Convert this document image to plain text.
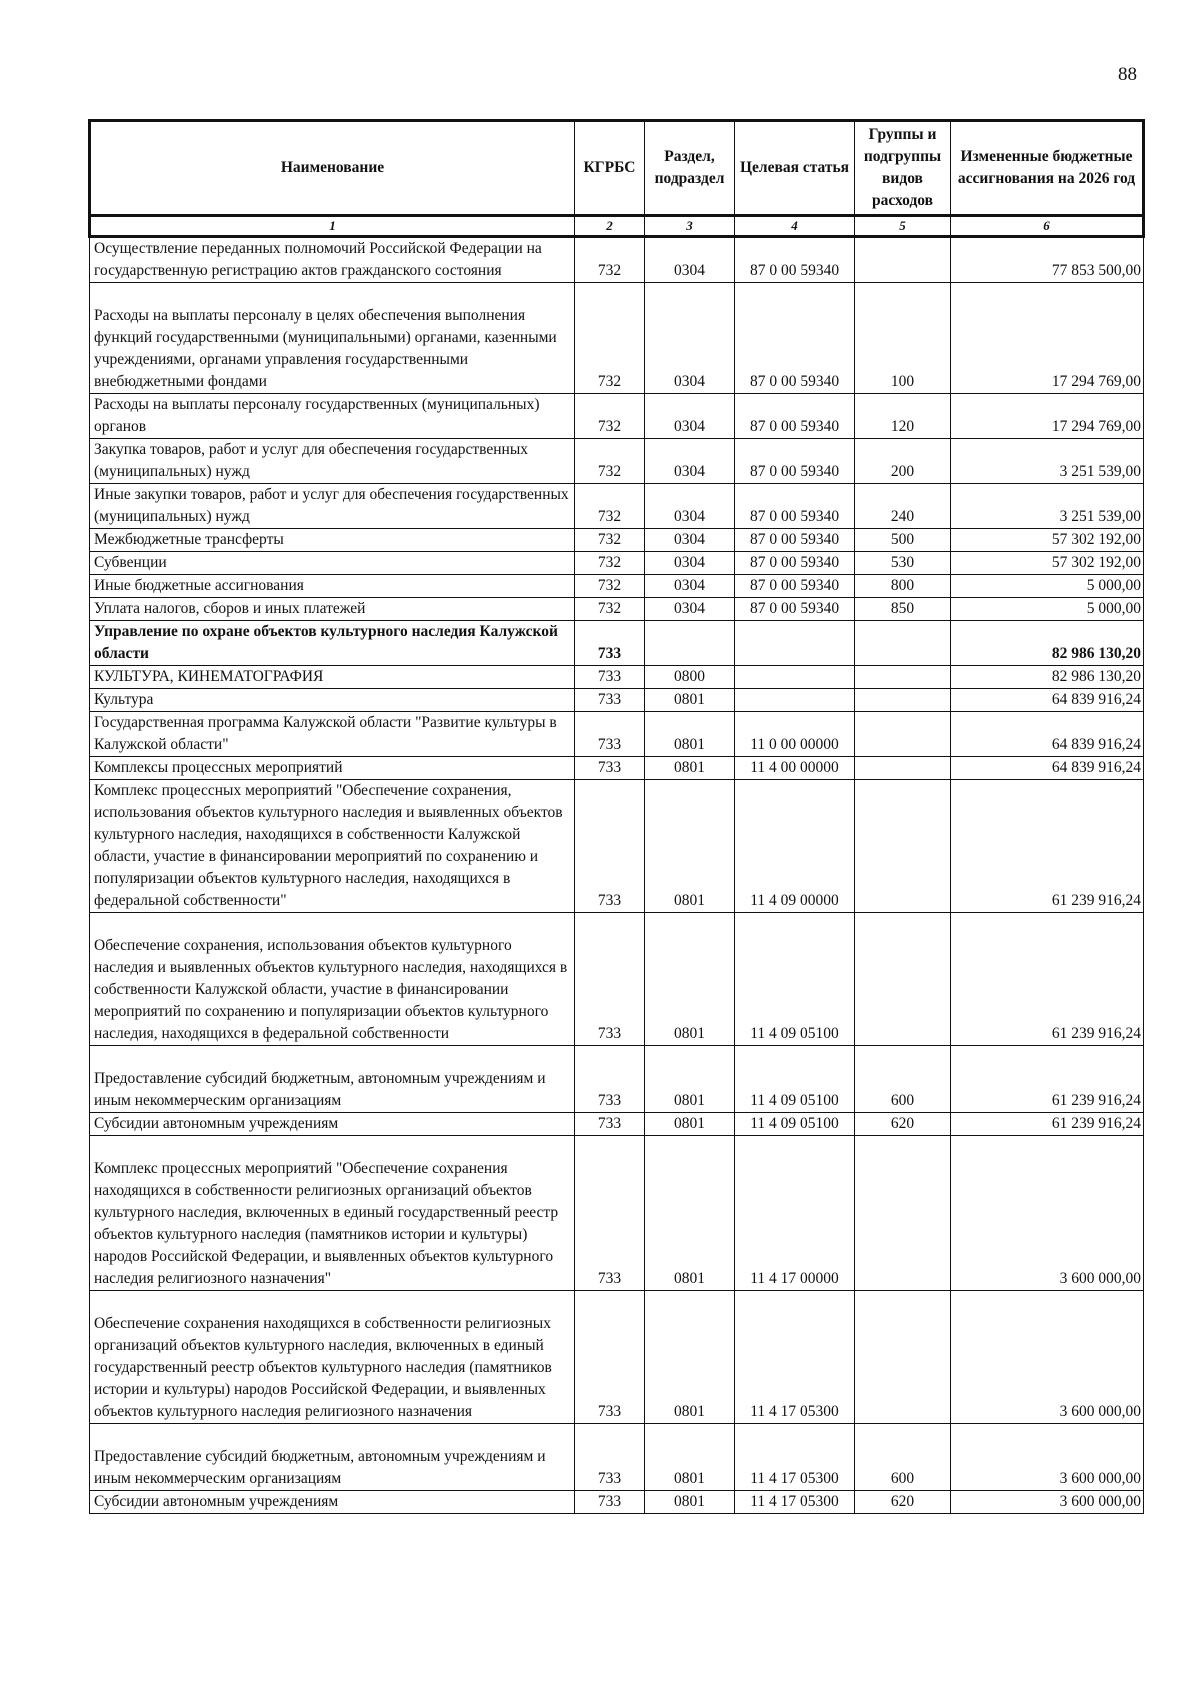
88
Наименование	КГРБС	Раздел, подраздел	Целевая статья	Группы и подгруппы видов расходов	Измененные бюджетные ассигнования на 2026 год
1	2	3	4	5	6
Осуществление переданных полномочий Российской Федерации на государственную регистрацию актов гражданского состояния	732	0304	87 0 00 59340		77 853 500,00

Расходы на выплаты персоналу в целях обеспечения выполнения функций государственными (муниципальными) органами, казенными учреждениями, органами управления государственными внебюджетными фондами	732	0304	87 0 00 59340	100	17 294 769,00
Расходы на выплаты персоналу государственных (муниципальных) органов	732	0304	87 0 00 59340	120	17 294 769,00
Закупка товаров, работ и услуг для обеспечения государственных (муниципальных) нужд	732	0304	87 0 00 59340	200	3 251 539,00
Иные закупки товаров, работ и услуг для обеспечения государственных (муниципальных) нужд	732	0304	87 0 00 59340	240	3 251 539,00
Межбюджетные трансферты	732	0304	87 0 00 59340	500	57 302 192,00
Субвенции	732	0304	87 0 00 59340	530	57 302 192,00
Иные бюджетные ассигнования	732	0304	87 0 00 59340	800	5 000,00
Уплата налогов, сборов и иных платежей	732	0304	87 0 00 59340	850	5 000,00
Управление по охране объектов культурного наследия Калужской области	733				82 986 130,20
КУЛЬТУРА, КИНЕМАТОГРАФИЯ	733	0800			82 986 130,20
Культура	733	0801			64 839 916,24
Государственная программа Калужской области "Развитие культуры в Калужской области"	733	0801	11 0 00 00000		64 839 916,24
Комплексы процессных мероприятий	733	0801	11 4 00 00000		64 839 916,24
Комплекс процессных мероприятий "Обеспечение сохранения, использования объектов культурного наследия и выявленных объектов культурного наследия, находящихся в собственности Калужской области, участие в финансировании мероприятий по сохранению и популяризации объектов культурного наследия, находящихся в федеральной собственности"	733	0801	11 4 09 00000		61 239 916,24

Обеспечение сохранения, использования объектов культурного наследия и выявленных объектов культурного наследия, находящихся в собственности Калужской области, участие в финансировании мероприятий по сохранению и популяризации объектов культурного наследия, находящихся в федеральной собственности	733	0801	11 4 09 05100		61 239 916,24

Предоставление субсидий бюджетным, автономным учреждениям и иным некоммерческим организациям	733	0801	11 4 09 05100	600	61 239 916,24
Субсидии автономным учреждениям	733	0801	11 4 09 05100	620	61 239 916,24

Комплекс процессных мероприятий "Обеспечение сохранения находящихся в собственности религиозных организаций объектов культурного наследия, включенных в единый государственный реестр объектов культурного наследия (памятников истории и культуры) народов Российской Федерации, и выявленных объектов культурного наследия религиозного назначения"	733	0801	11 4 17 00000		3 600 000,00

Обеспечение сохранения находящихся в собственности религиозных организаций объектов культурного наследия, включенных в единый государственный реестр объектов культурного наследия (памятников истории и культуры) народов Российской Федерации, и выявленных объектов культурного наследия религиозного назначения	733	0801	11 4 17 05300		3 600 000,00

Предоставление субсидий бюджетным, автономным учреждениям и иным некоммерческим организациям	733	0801	11 4 17 05300	600	3 600 000,00
Субсидии автономным учреждениям	733	0801	11 4 17 05300	620	3 600 000,00
